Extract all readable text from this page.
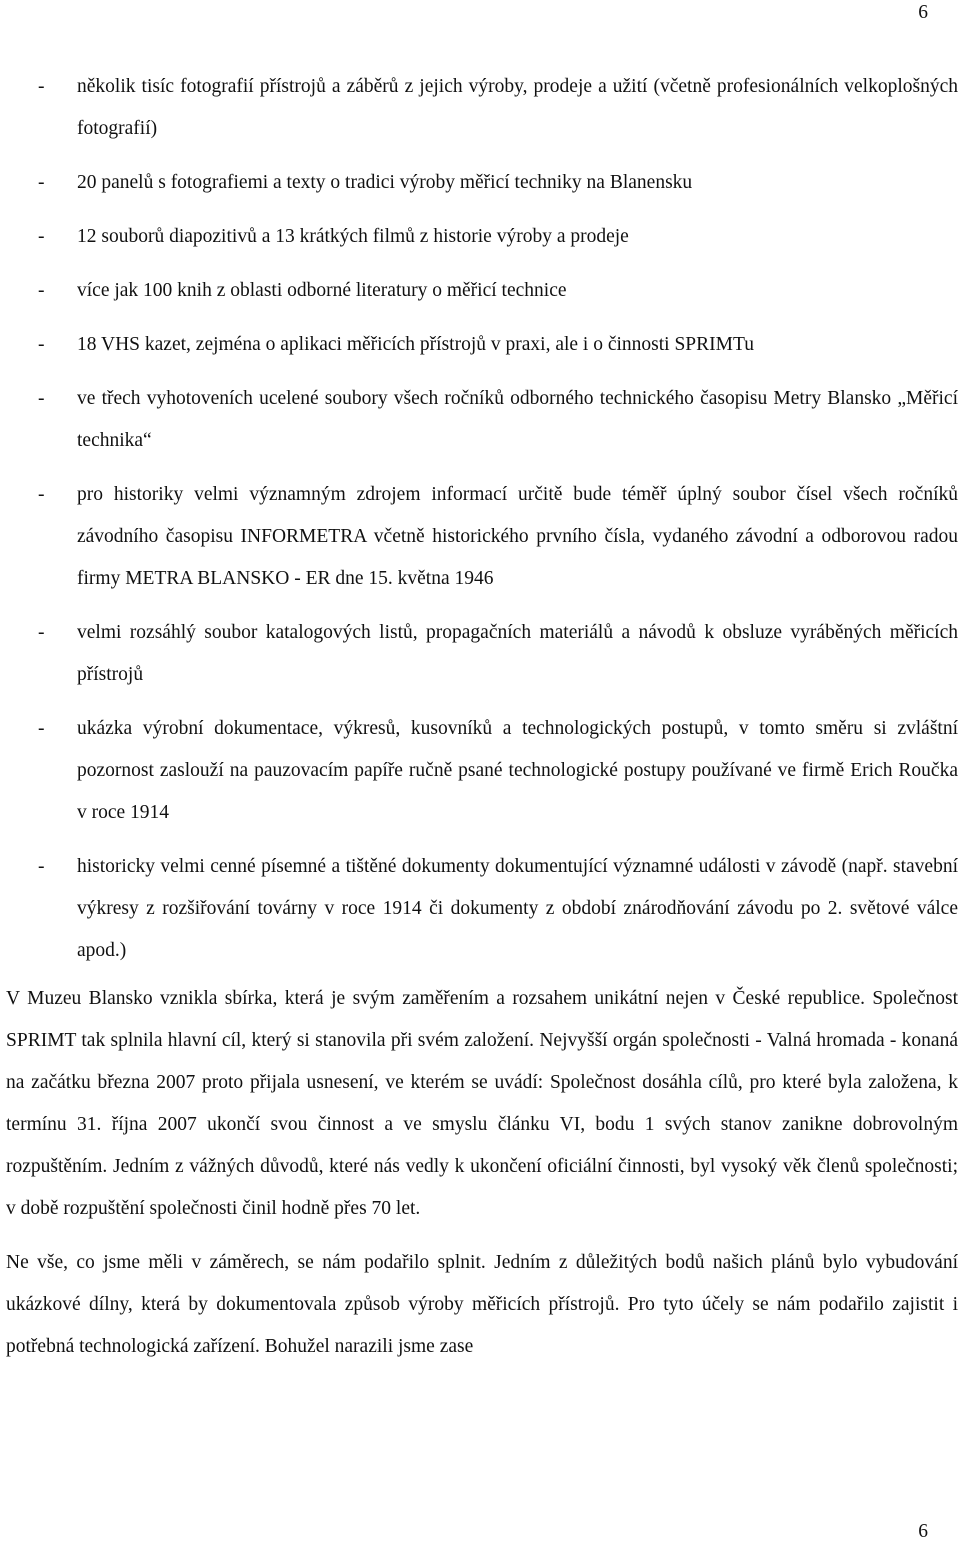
6
- několik tisíc fotografií přístrojů a záběrů z jejich výroby, prodeje a užití (včetně profesionálních velkoplošných fotografií)
- 20 panelů s fotografiemi a texty o tradici výroby měřicí techniky na Blanensku
- 12 souborů diapozitivů a 13 krátkých filmů z historie výroby a prodeje
- více jak 100 knih z oblasti odborné literatury o měřicí technice
- 18 VHS kazet, zejména o aplikaci měřicích přístrojů v praxi, ale i o činnosti SPRIMTu
- ve třech vyhotoveních ucelené soubory všech ročníků odborného technického časopisu Metry Blansko „Měřicí technika“
- pro historiky velmi významným zdrojem informací určitě bude téměř úplný soubor čísel všech ročníků závodního časopisu INFORMETRA včetně historického prvního čísla, vydaného závodní a odborovou radou firmy METRA BLANSKO - ER dne 15. května 1946
- velmi rozsáhlý soubor katalogových listů, propagačních materiálů a návodů k obsluze vyráběných měřicích přístrojů
- ukázka výrobní dokumentace, výkresů, kusovníků a technologických postupů, v tomto směru si zvláštní pozornost zaslouží na pauzovacím papíře ručně psané technologické postupy používané ve firmě Erich Roučka v roce 1914
- historicky velmi cenné písemné a tištěné dokumenty dokumentující významné události v závodě (např. stavební výkresy z rozšiřování továrny v roce 1914 či dokumenty z období znárodňování závodu po 2. světové válce apod.)

V Muzeu Blansko vznikla sbírka, která je svým zaměřením a rozsahem unikátní nejen v České republice. Společnost SPRIMT tak splnila hlavní cíl, který si stanovila při svém založení. Nejvyšší orgán společnosti - Valná hromada - konaná na začátku března 2007 proto přijala usnesení, ve kterém se uvádí: Společnost dosáhla cílů, pro které byla založena, k termínu 31. října 2007 ukončí svou činnost a ve smyslu článku VI, bodu 1 svých stanov zanikne dobrovolným rozpuštěním. Jedním z vážných důvodů, které nás vedly k ukončení oficiální činnosti, byl vysoký věk členů společnosti; v době rozpuštění společnosti činil hodně přes 70 let.

Ne vše, co jsme měli v záměrech, se nám podařilo splnit. Jedním z důležitých bodů našich plánů bylo vybudování ukázkové dílny, která by dokumentovala způsob výroby měřicích přístrojů. Pro tyto účely se nám podařilo zajistit i potřebná technologická zařízení. Bohužel narazili jsme zase

6
